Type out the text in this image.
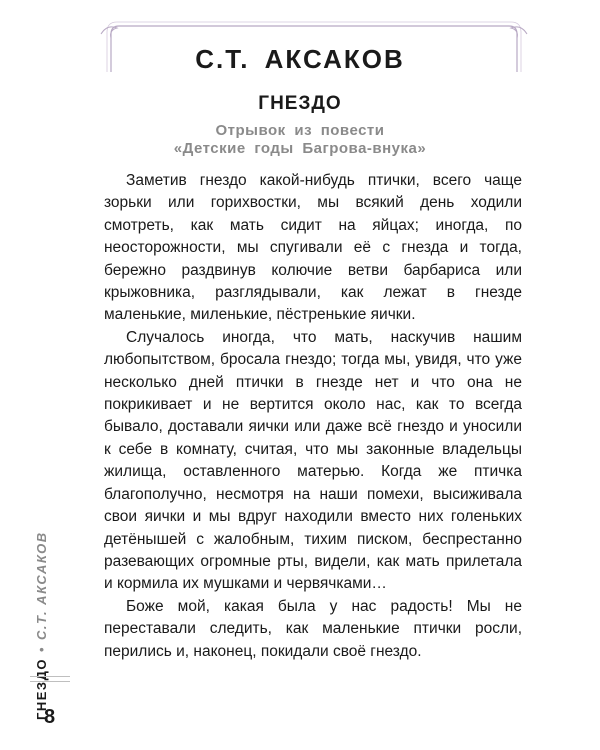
С.Т. АКСАКОВ
ГНЕЗДО
Отрывок из повести
«Детские годы Багрова-внука»

Заметив гнездо какой-нибудь птички, всего чаще зорьки или горихвостки, мы всякий день ходили смотреть, как мать сидит на яйцах; иногда, по неосторожности, мы спугивали её с гнезда и тогда, бережно раздвинув колючие ветви барбариса или крыжовника, разглядывали, как лежат в гнезде маленькие, миленькие, пёстренькие яички.

Случалось иногда, что мать, наскучив нашим любопытством, бросала гнездо; тогда мы, увидя, что уже несколько дней птички в гнезде нет и что она не покрикивает и не вертится около нас, как то всегда бывало, доставали яички или даже всё гнездо и уносили к себе в комнату, считая, что мы законные владельцы жилища, оставленного матерью. Когда же птичка благополучно, несмотря на наши помехи, высиживала свои яички и мы вдруг находили вместо них голеньких детёнышей с жалобным, тихим писком, беспрестанно разевающих огромные рты, видели, как мать прилетала и кормила их мушками и червячками…

Боже мой, какая была у нас радость! Мы не переставали следить, как маленькие птички росли, перились и, наконец, покидали своё гнездо.

ГНЕЗДО•С.Т. АКСАКОВ
8
